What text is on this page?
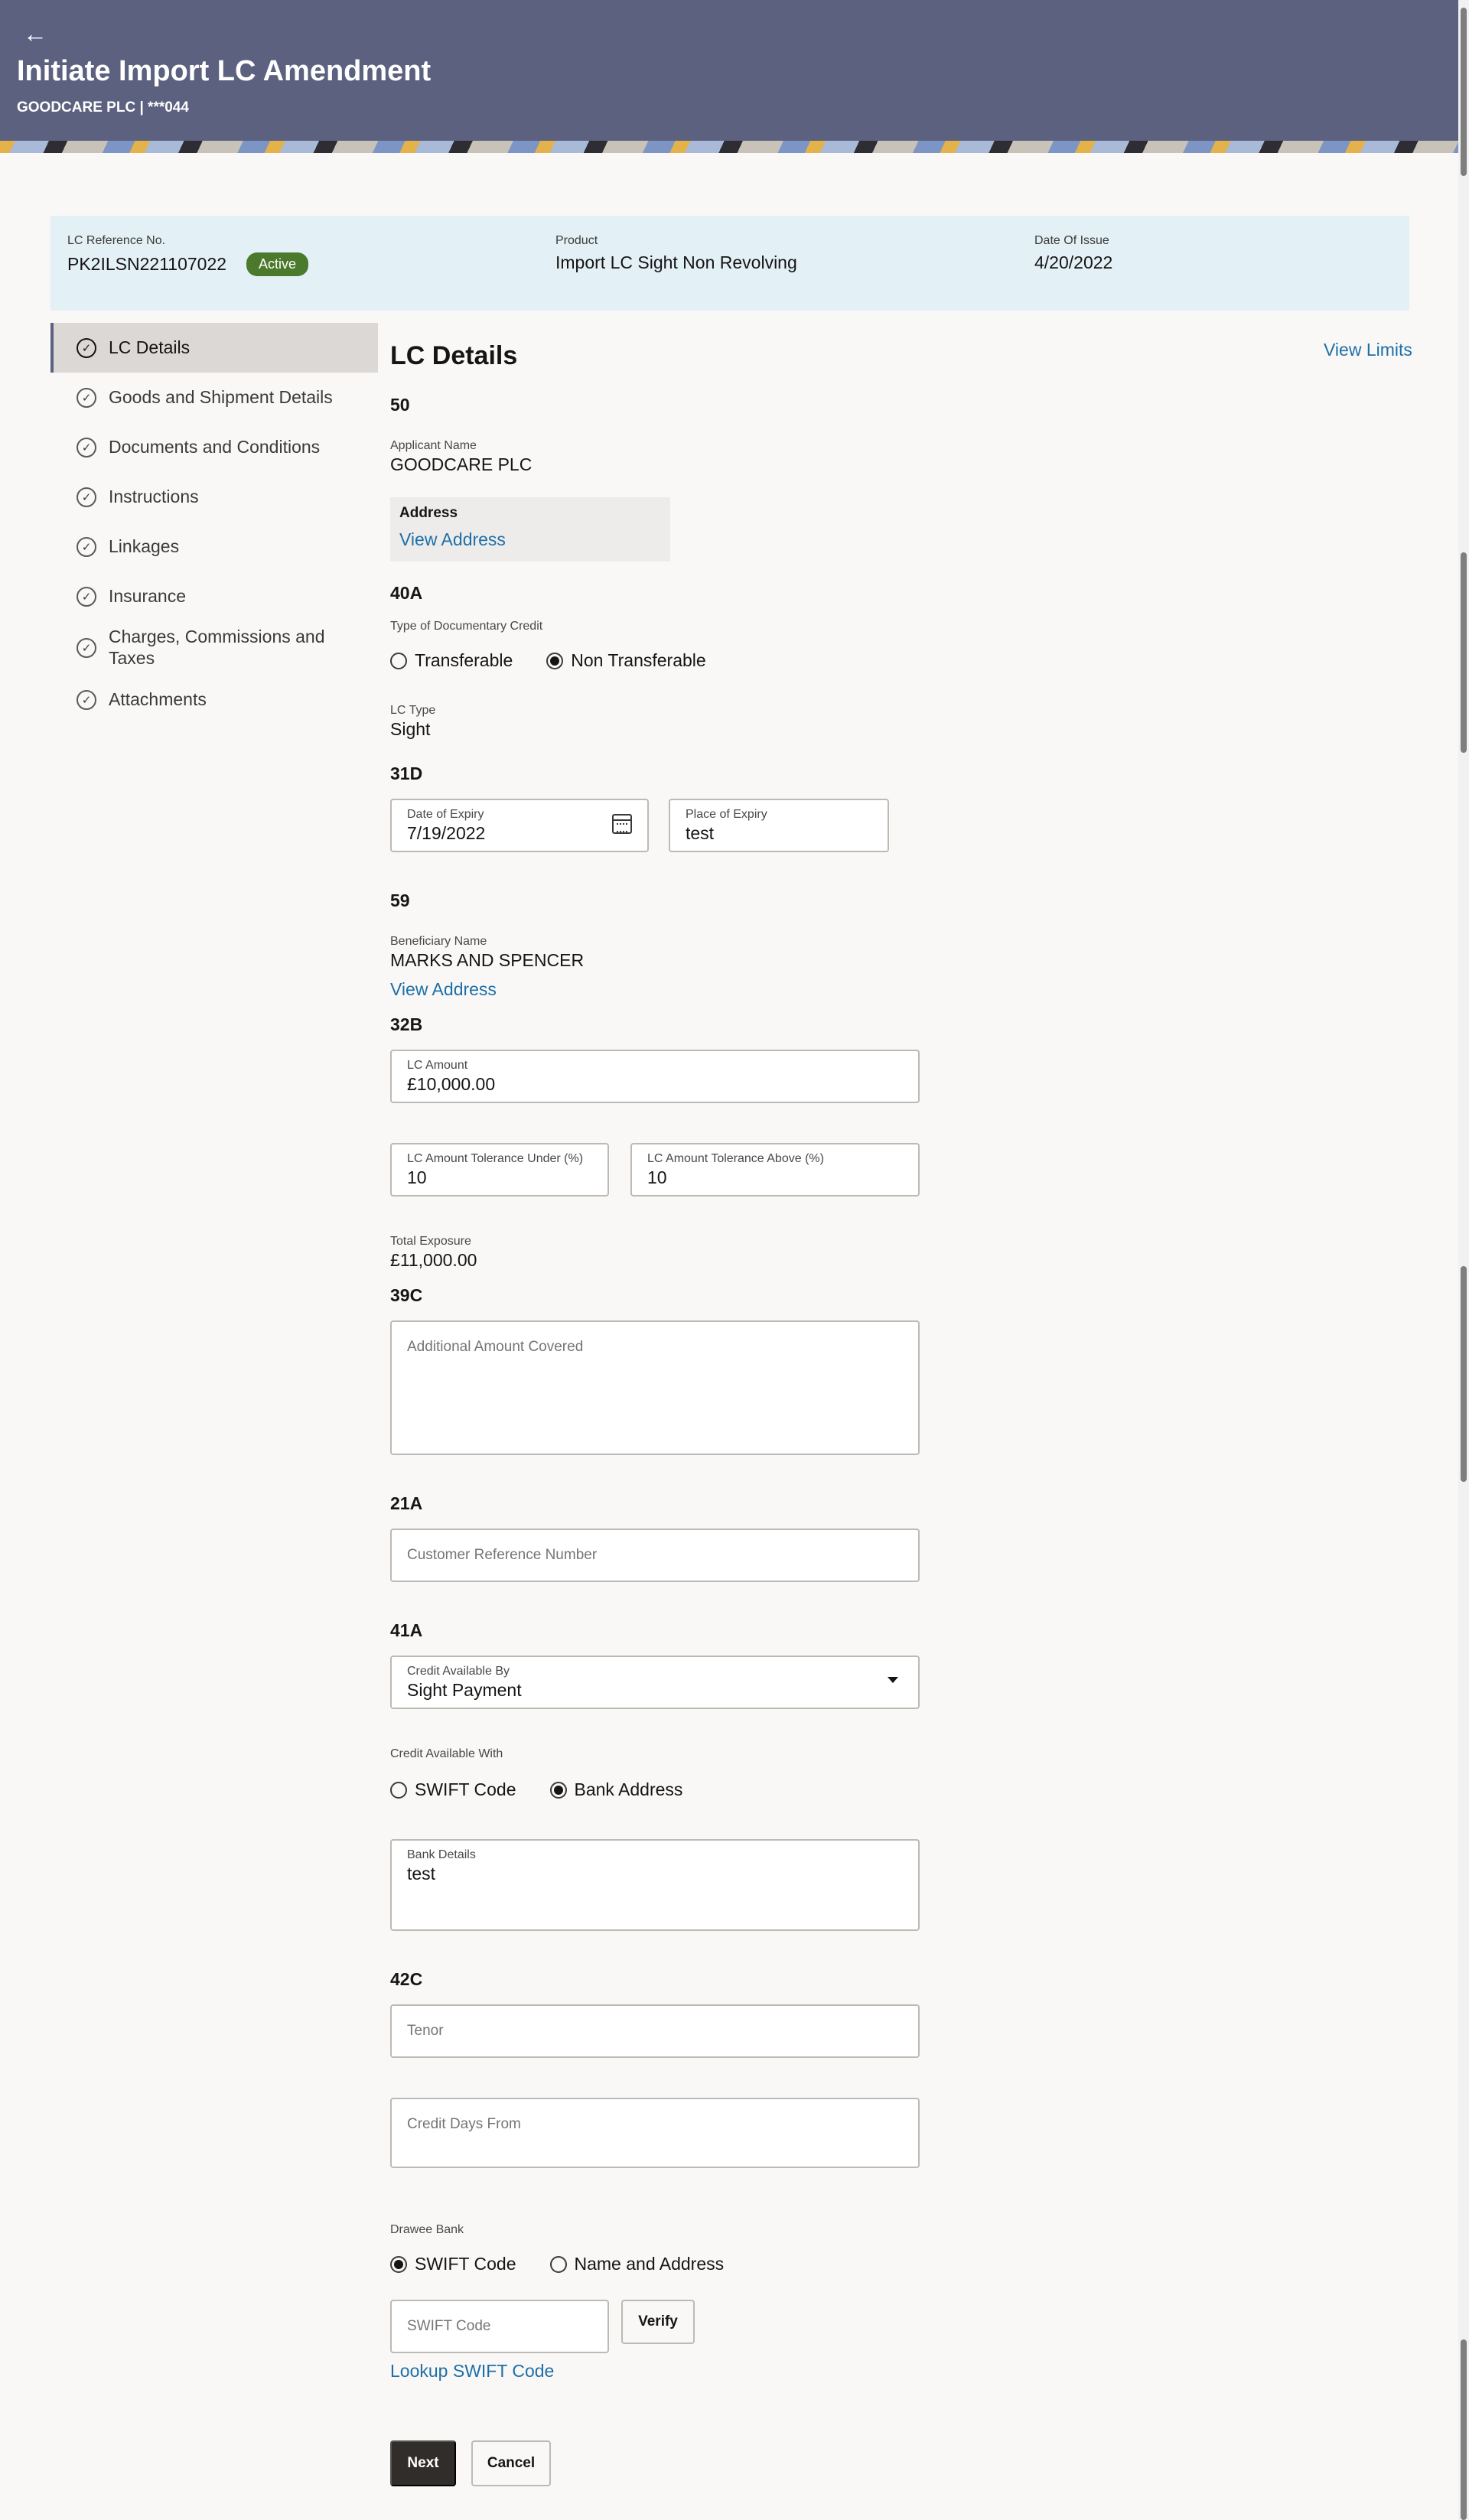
←
Initiate Import LC Amendment
GOODCARE PLC | ***044
LC Reference No.
PK2ILSN221107022	Active
Product
Import LC Sight Non Revolving
Date Of Issue
4/20/2022
✓ LC Details
✓ Goods and Shipment Details
✓ Documents and Conditions
✓ Instructions
✓ Linkages
✓ Insurance
✓
Charges, Commissions and Taxes
✓ Attachments
LC Details	View Limits
50
Applicant Name
GOODCARE PLC
Address
View Address
40A
Type of Documentary Credit
Transferable	Non Transferable
LC Type
Sight
31D
Date of Expiry
7/19/2022	Place of Expiry
test
59
Beneficiary Name
MARKS AND SPENCER
View Address
32B
LC Amount
£10,000.00
LC Amount Tolerance Under (%)
10	LC Amount Tolerance Above (%)
10
Total Exposure
£11,000.00
39C
Additional Amount Covered
21A
Customer Reference Number
41A
Credit Available By
Sight Payment
Credit Available With
SWIFT Code	Bank Address
Bank Details
test
42C
Tenor
Credit Days From
Drawee Bank
SWIFT Code	Name and Address
SWIFT Code
Verify
Lookup SWIFT Code
Next	Cancel
